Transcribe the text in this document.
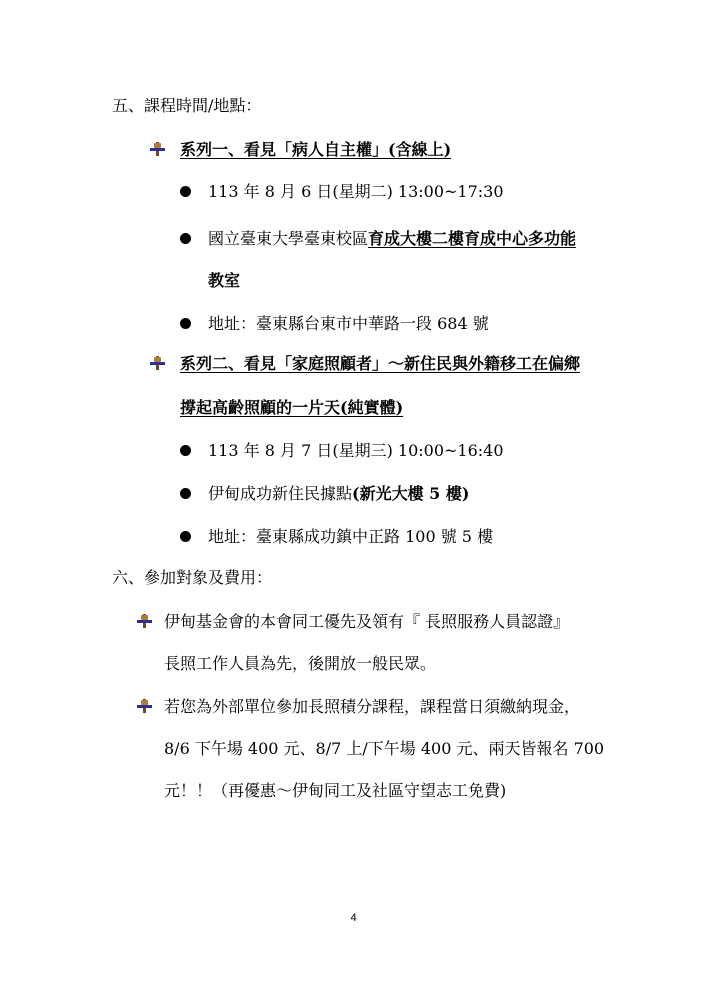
五、課程時間/地點：
系列一、看見「病人自主權」(含線上)
113 年 8 月 6 日(星期二) 13:00~17:30
國立臺東大學臺東校區育成大樓二樓育成中心多功能
教室
地址：臺東縣台東市中華路一段 684 號
系列二、看見「家庭照顧者」～新住民與外籍移工在偏鄉
撐起高齡照顧的一片天(純實體)
113 年 8 月 7 日(星期三) 10:00~16:40
伊甸成功新住民據點(新光大樓 5 樓)
地址：臺東縣成功鎮中正路 100 號 5 樓
六、參加對象及費用：
伊甸基金會的本會同工優先及領有『 長照服務人員認證』
長照工作人員為先，後開放一般民眾。
若您為外部單位參加長照積分課程，課程當日須繳納現金，
8/6 下午場 400 元、8/7 上/下午場 400 元、兩天皆報名 700
元！！（再優惠～伊甸同工及社區守望志工免費)
4
